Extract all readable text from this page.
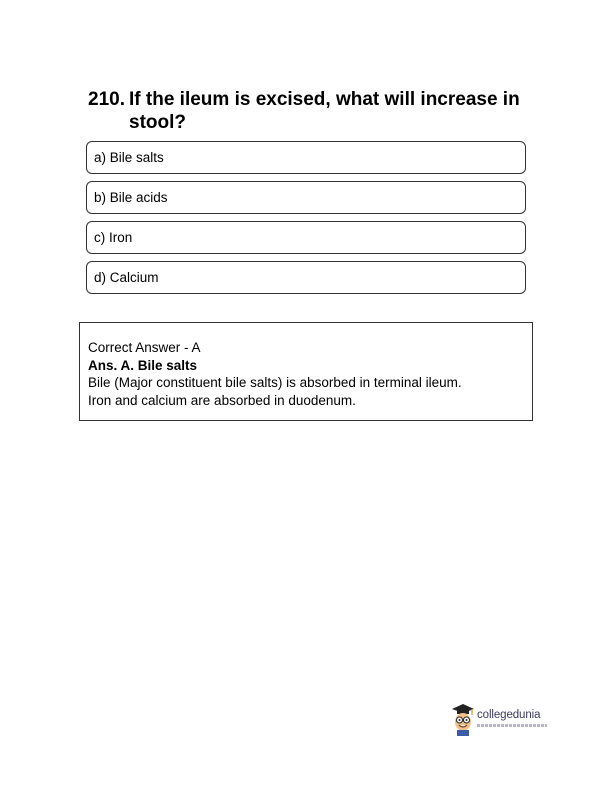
210. If the ileum is excised, what will increase in stool?
a) Bile salts
b) Bile acids
c) Iron
d) Calcium
Correct Answer - A
Ans. A. Bile salts
Bile (Major constituent bile salts) is absorbed in terminal ileum.
Iron and calcium are absorbed in duodenum.
collegedunia
